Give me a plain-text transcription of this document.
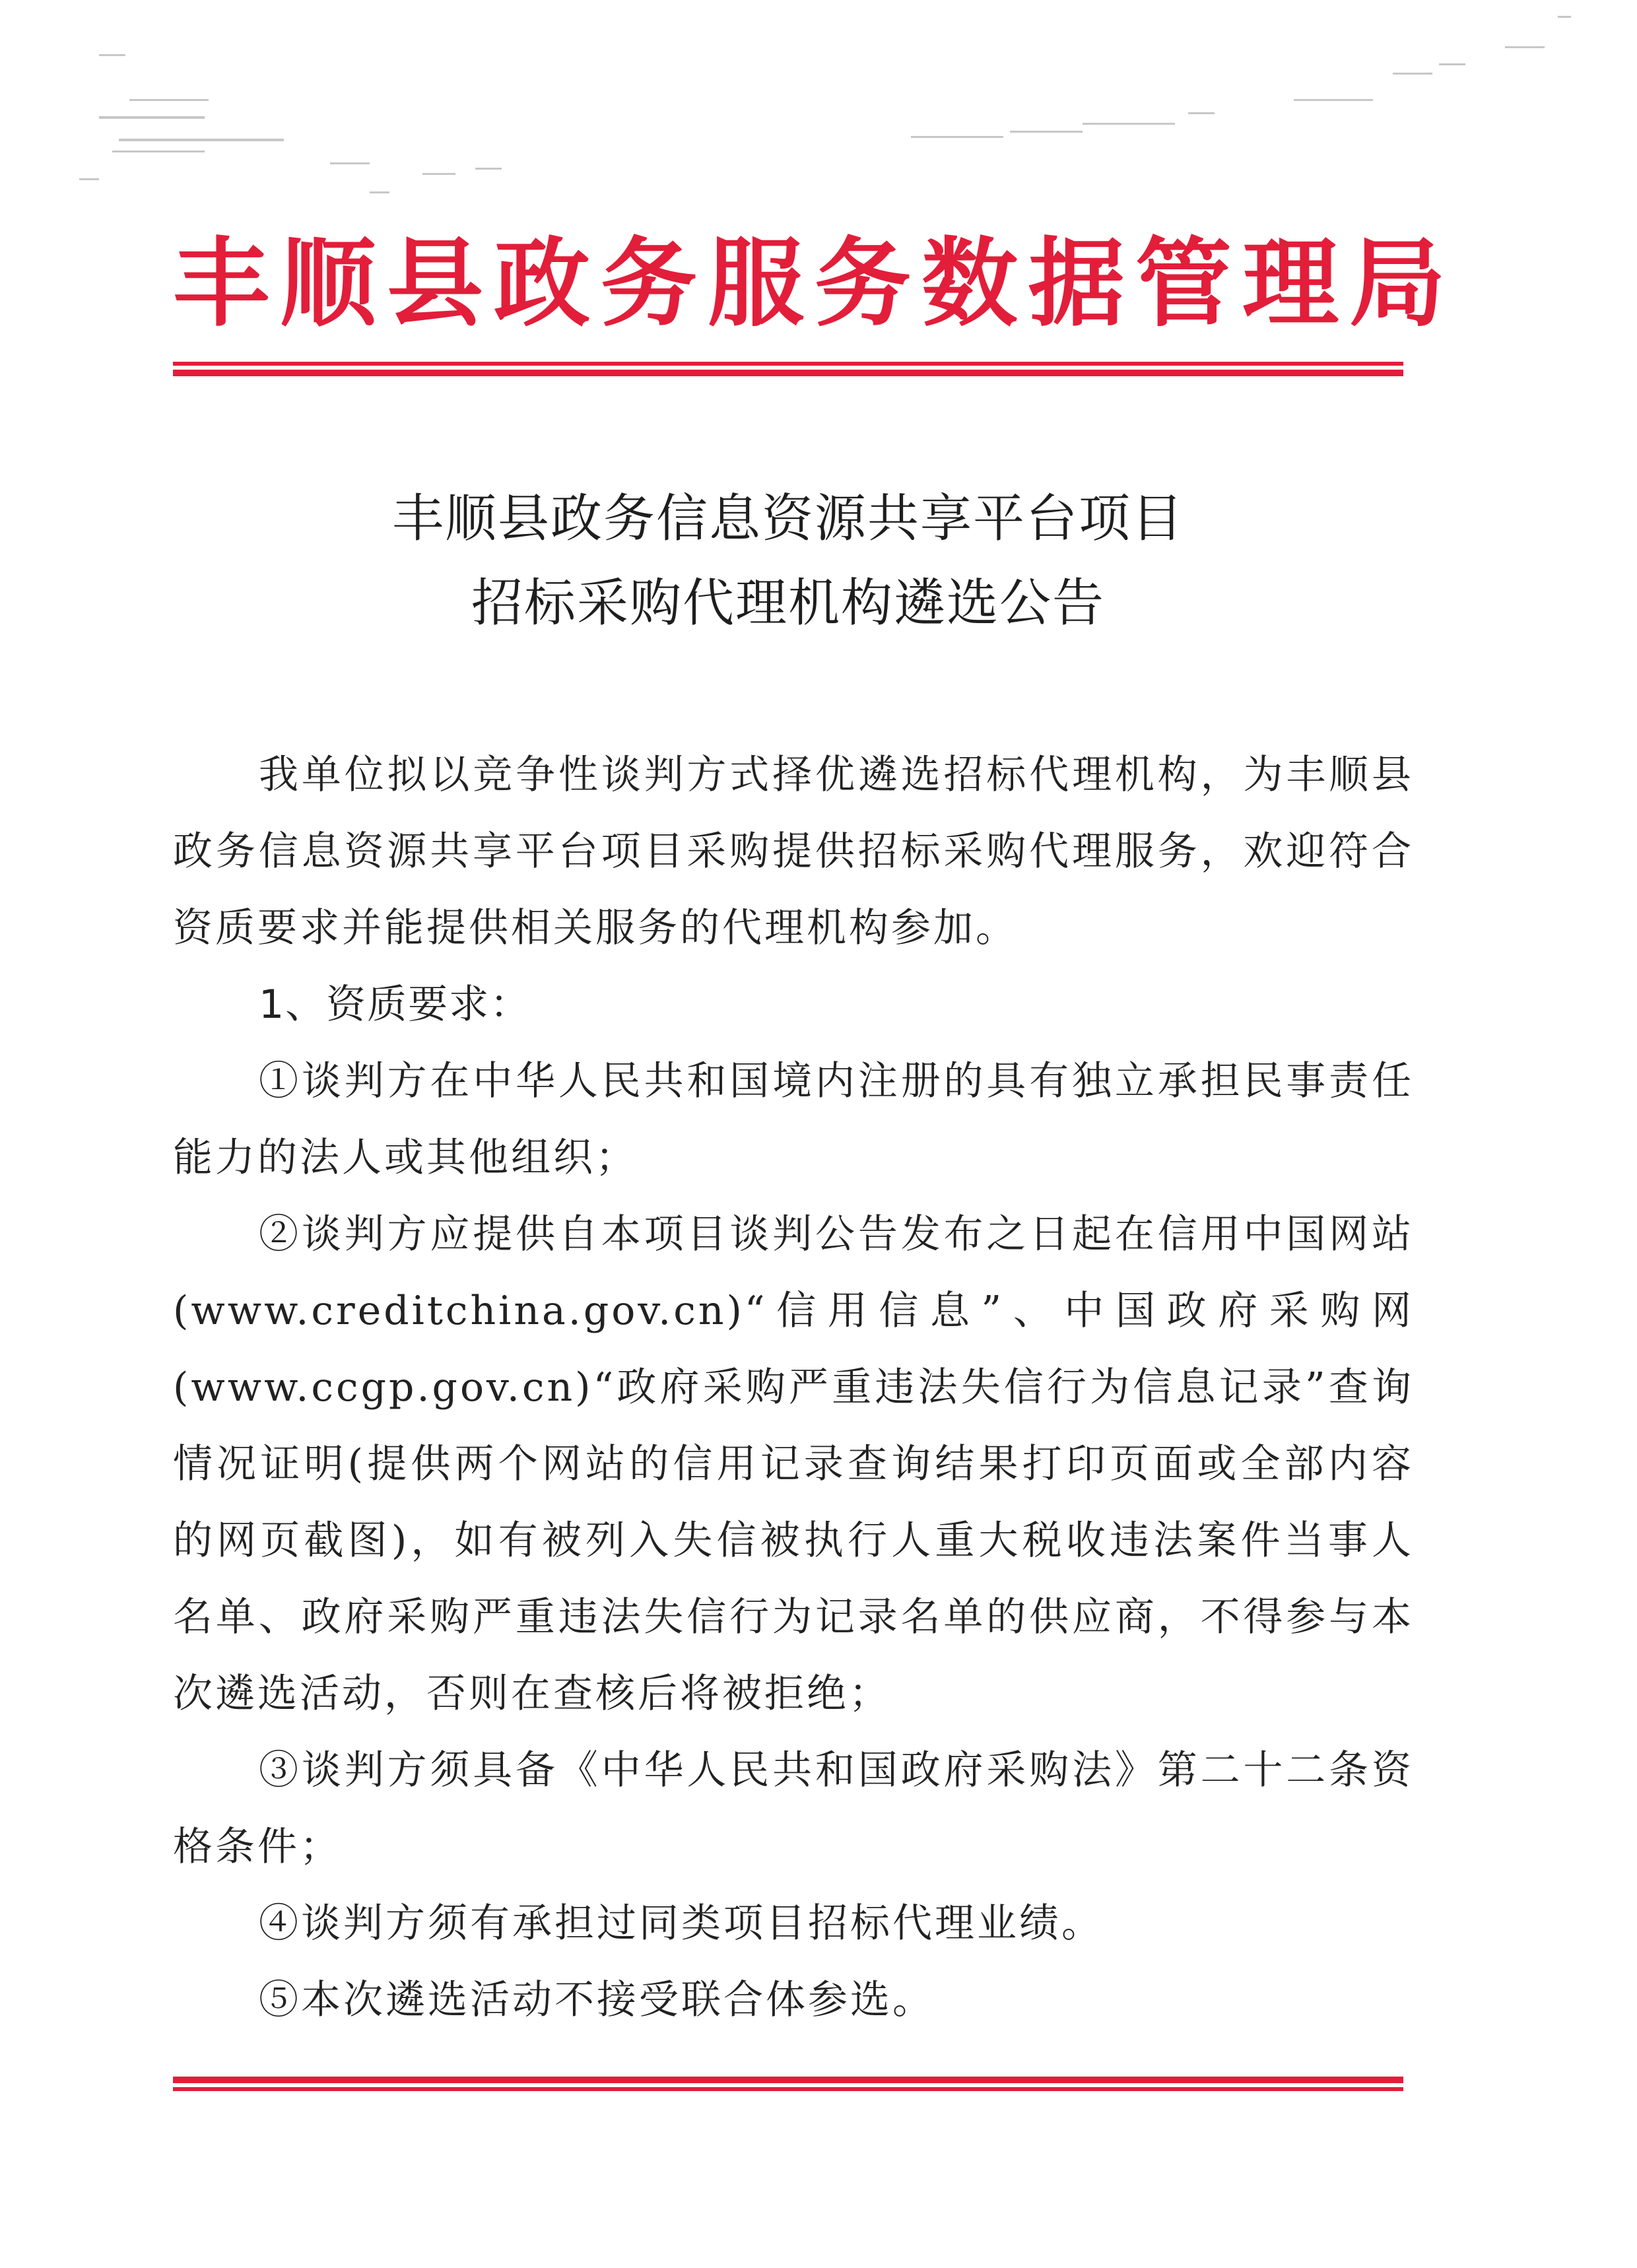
丰顺县政务服务数据管理局
丰顺县政务信息资源共享平台项目
招标采购代理机构遴选公告

我单位拟以竞争性谈判方式择优遴选招标代理机构，为丰顺县政务信息资源共享平台项目采购提供招标采购代理服务，欢迎符合资质要求并能提供相关服务的代理机构参加。

1、资质要求：

①谈判方在中华人民共和国境内注册的具有独立承担民事责任能力的法人或其他组织；

②谈判方应提供自本项目谈判公告发布之日起在信用中国网站(www.creditchina.gov.cn)“信用信息”、中国政府采购网(www.ccgp.gov.cn)“政府采购严重违法失信行为信息记录”查询情况证明(提供两个网站的信用记录查询结果打印页面或全部内容的网页截图)，如有被列入失信被执行人重大税收违法案件当事人名单、政府采购严重违法失信行为记录名单的供应商，不得参与本次遴选活动，否则在查核后将被拒绝；

③谈判方须具备《中华人民共和国政府采购法》第二十二条资格条件；

④谈判方须有承担过同类项目招标代理业绩。

⑤本次遴选活动不接受联合体参选。
